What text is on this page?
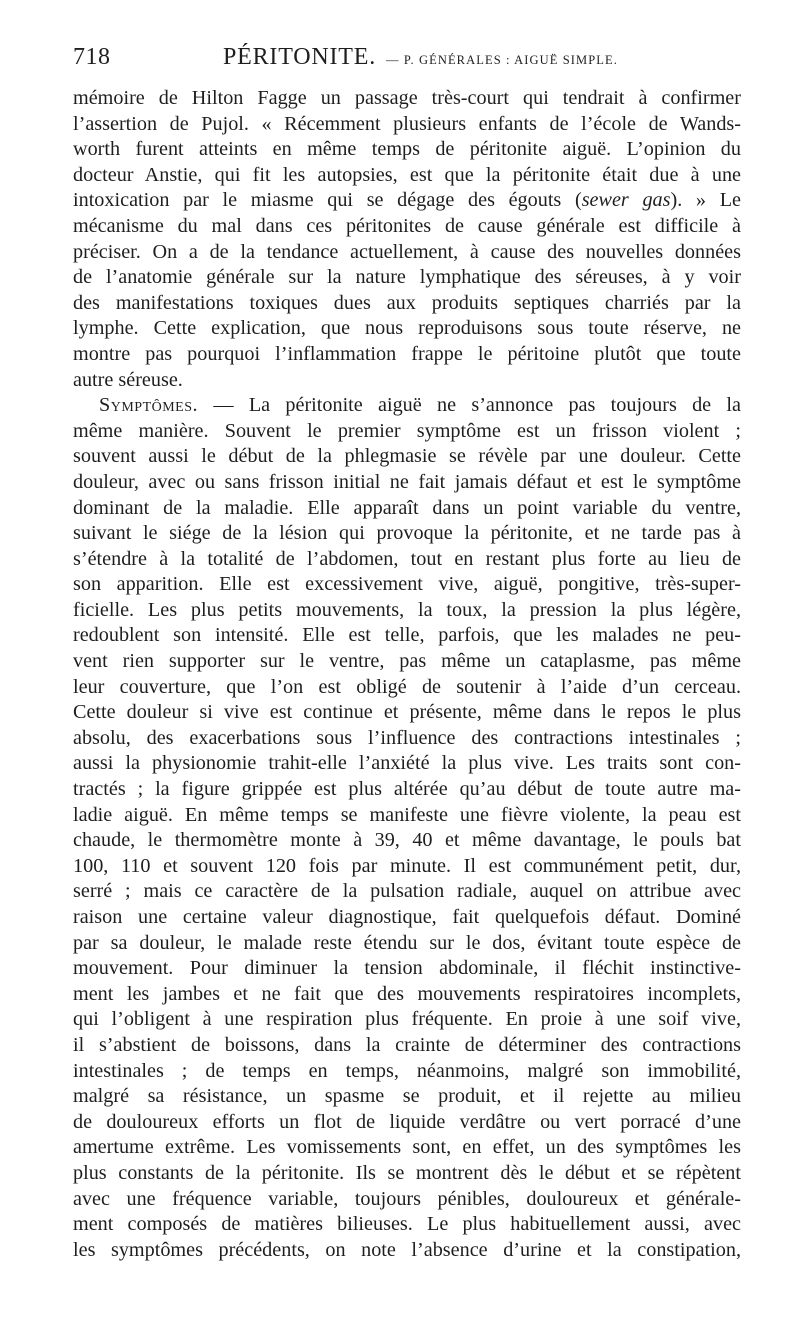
718	PÉRITONITE. — P. GÉNÉRALES : AIGUË SIMPLE.
mémoire de Hilton Fagge un passage très-court qui tendrait à confirmer
l’assertion de Pujol. « Récemment plusieurs enfants de l’école de Wands-
worth furent atteints en même temps de péritonite aiguë. L’opinion du
docteur Anstie, qui fit les autopsies, est que la péritonite était due à une
intoxication par le miasme qui se dégage des égouts (sewer gas). » Le
mécanisme du mal dans ces péritonites de cause générale est difficile à
préciser. On a de la tendance actuellement, à cause des nouvelles données
de l’anatomie générale sur la nature lymphatique des séreuses, à y voir
des manifestations toxiques dues aux produits septiques charriés par la
lymphe. Cette explication, que nous reproduisons sous toute réserve, ne
montre pas pourquoi l’inflammation frappe le péritoine plutôt que toute
autre séreuse.
Symptômes. — La péritonite aiguë ne s’annonce pas toujours de la
même manière. Souvent le premier symptôme est un frisson violent ;
souvent aussi le début de la phlegmasie se révèle par une douleur. Cette
douleur, avec ou sans frisson initial ne fait jamais défaut et est le symptôme
dominant de la maladie. Elle apparaît dans un point variable du ventre,
suivant le siége de la lésion qui provoque la péritonite, et ne tarde pas à
s’étendre à la totalité de l’abdomen, tout en restant plus forte au lieu de
son apparition. Elle est excessivement vive, aiguë, pongitive, très-super-
ficielle. Les plus petits mouvements, la toux, la pression la plus légère,
redoublent son intensité. Elle est telle, parfois, que les malades ne peu-
vent rien supporter sur le ventre, pas même un cataplasme, pas même
leur couverture, que l’on est obligé de soutenir à l’aide d’un cerceau.
Cette douleur si vive est continue et présente, même dans le repos le plus
absolu, des exacerbations sous l’influence des contractions intestinales ;
aussi la physionomie trahit-elle l’anxiété la plus vive. Les traits sont con-
tractés ; la figure grippée est plus altérée qu’au début de toute autre ma-
ladie aiguë. En même temps se manifeste une fièvre violente, la peau est
chaude, le thermomètre monte à 39, 40 et même davantage, le pouls bat
100, 110 et souvent 120 fois par minute. Il est communément petit, dur,
serré ; mais ce caractère de la pulsation radiale, auquel on attribue avec
raison une certaine valeur diagnostique, fait quelquefois défaut. Dominé
par sa douleur, le malade reste étendu sur le dos, évitant toute espèce de
mouvement. Pour diminuer la tension abdominale, il fléchit instinctive-
ment les jambes et ne fait que des mouvements respiratoires incomplets,
qui l’obligent à une respiration plus fréquente. En proie à une soif vive,
il s’abstient de boissons, dans la crainte de déterminer des contractions
intestinales ; de temps en temps, néanmoins, malgré son immobilité,
malgré sa résistance, un spasme se produit, et il rejette au milieu
de douloureux efforts un flot de liquide verdâtre ou vert porracé d’une
amertume extrême. Les vomissements sont, en effet, un des symptômes les
plus constants de la péritonite. Ils se montrent dès le début et se répètent
avec une fréquence variable, toujours pénibles, douloureux et générale-
ment composés de matières bilieuses. Le plus habituellement aussi, avec
les symptômes précédents, on note l’absence d’urine et la constipation,
